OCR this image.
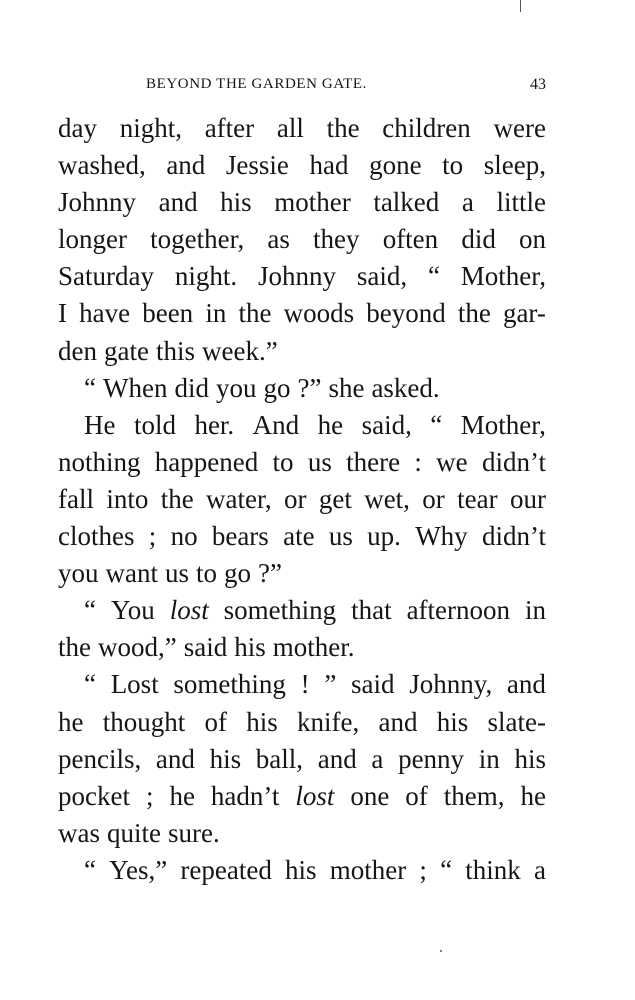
BEYOND THE GARDEN GATE.	43
day night, after all the children were
washed, and Jessie had gone to sleep,
Johnny and his mother talked a little
longer together, as they often did on
Saturday night. Johnny said, “ Mother,
I have been in the woods beyond the gar-
den gate this week.”
“ When did you go ?” she asked.
He told her. And he said, “ Mother,
nothing happened to us there : we didn’t
fall into the water, or get wet, or tear our
clothes ; no bears ate us up. Why didn’t
you want us to go ?”
“ You lost something that afternoon in
the wood,” said his mother.
“ Lost something ! ” said Johnny, and
he thought of his knife, and his slate-
pencils, and his ball, and a penny in his
pocket ; he hadn’t lost one of them, he
was quite sure.
“ Yes,” repeated his mother ; “ think a
